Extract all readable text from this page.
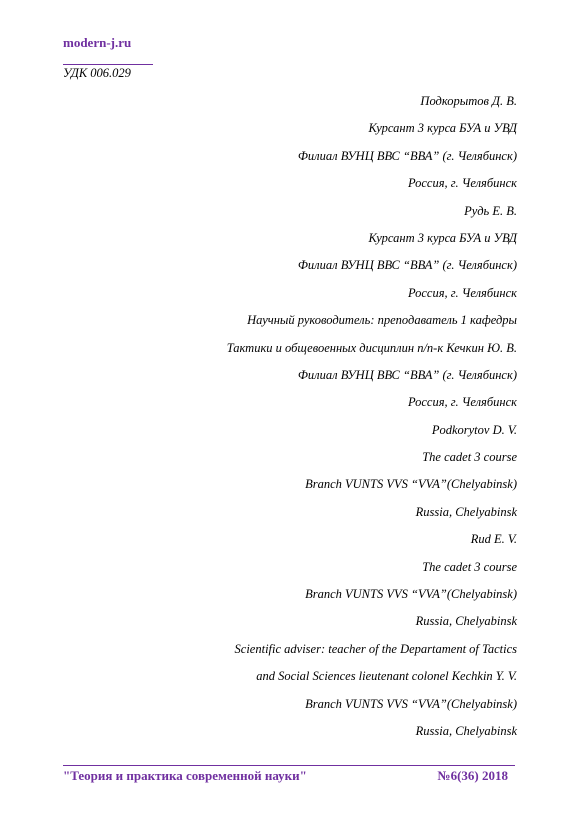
modern-j.ru
УДК 006.029
Подкорытов Д. В.
Курсант 3 курса БУА и УВД
Филиал ВУНЦ ВВС “ВВА” (г. Челябинск)
Россия, г. Челябинск
Рудь Е. В.
Курсант 3 курса БУА и УВД
Филиал ВУНЦ ВВС “ВВА” (г. Челябинск)
Россия, г. Челябинск
Научный руководитель: преподаватель 1 кафедры
Тактики и общевоенных дисциплин п/п-к Кечкин Ю. В.
Филиал ВУНЦ ВВС “ВВА” (г. Челябинск)
Россия, г. Челябинск
Podkorytov D. V.
The cadet 3 course
Branch VUNTS VVS “VVA”(Chelyabinsk)
Russia, Chelyabinsk
Rud E. V.
The cadet 3 course
Branch VUNTS VVS “VVA”(Chelyabinsk)
Russia, Chelyabinsk
Scientific adviser: teacher of the Departament of Tactics
and Social Sciences lieutenant colonel Kechkin Y. V.
Branch VUNTS VVS “VVA”(Chelyabinsk)
Russia, Chelyabinsk
"Теория и практика современной науки"	№6(36) 2018
